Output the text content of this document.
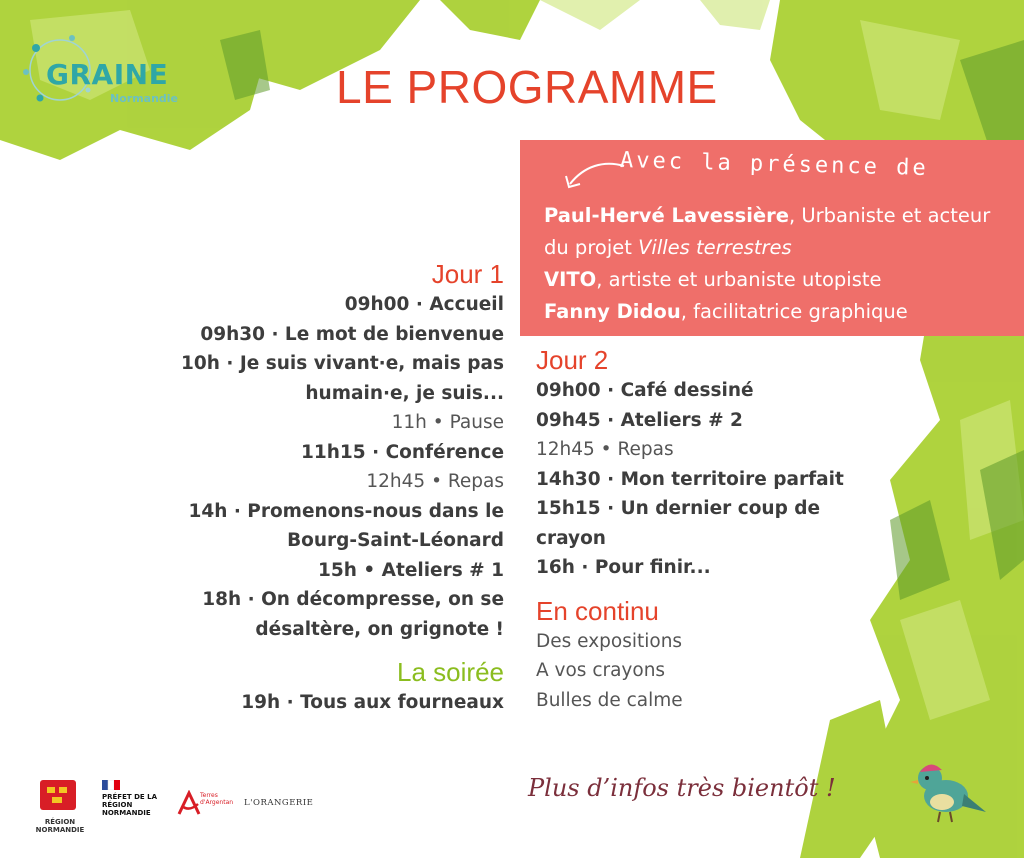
GRAINE
Normandie	LE PROGRAMME
Avec la présence de
Paul-Hervé Lavessière, Urbaniste et acteur du projet Villes terrestres
VITO, artiste et urbaniste utopiste
Fanny Didou, facilitatrice graphique
Jour 1
09h00 · Accueil
09h30 · Le mot de bienvenue
10h · Je suis vivant·e, mais pas
humain·e, je suis...
11h • Pause
11h15 · Conférence
12h45 • Repas
14h · Promenons-nous dans le
Bourg-Saint-Léonard
15h • Ateliers # 1
18h · On décompresse, on se
désaltère, on grignote !
La soirée
19h · Tous aux fourneaux
Jour 2
09h00 · Café dessiné
09h45 · Ateliers # 2
12h45 • Repas
14h30 · Mon territoire parfait
15h15 · Un dernier coup de
crayon
16h · Pour finir...
En continu
Des expositions
A vos crayons
Bulles de calme
Plus d’infos très bientôt !
RÉGION NORMANDIE
PRÉFET DE LA RÉGION NORMANDIE
Terres d'Argentan L'ORANGERIE
